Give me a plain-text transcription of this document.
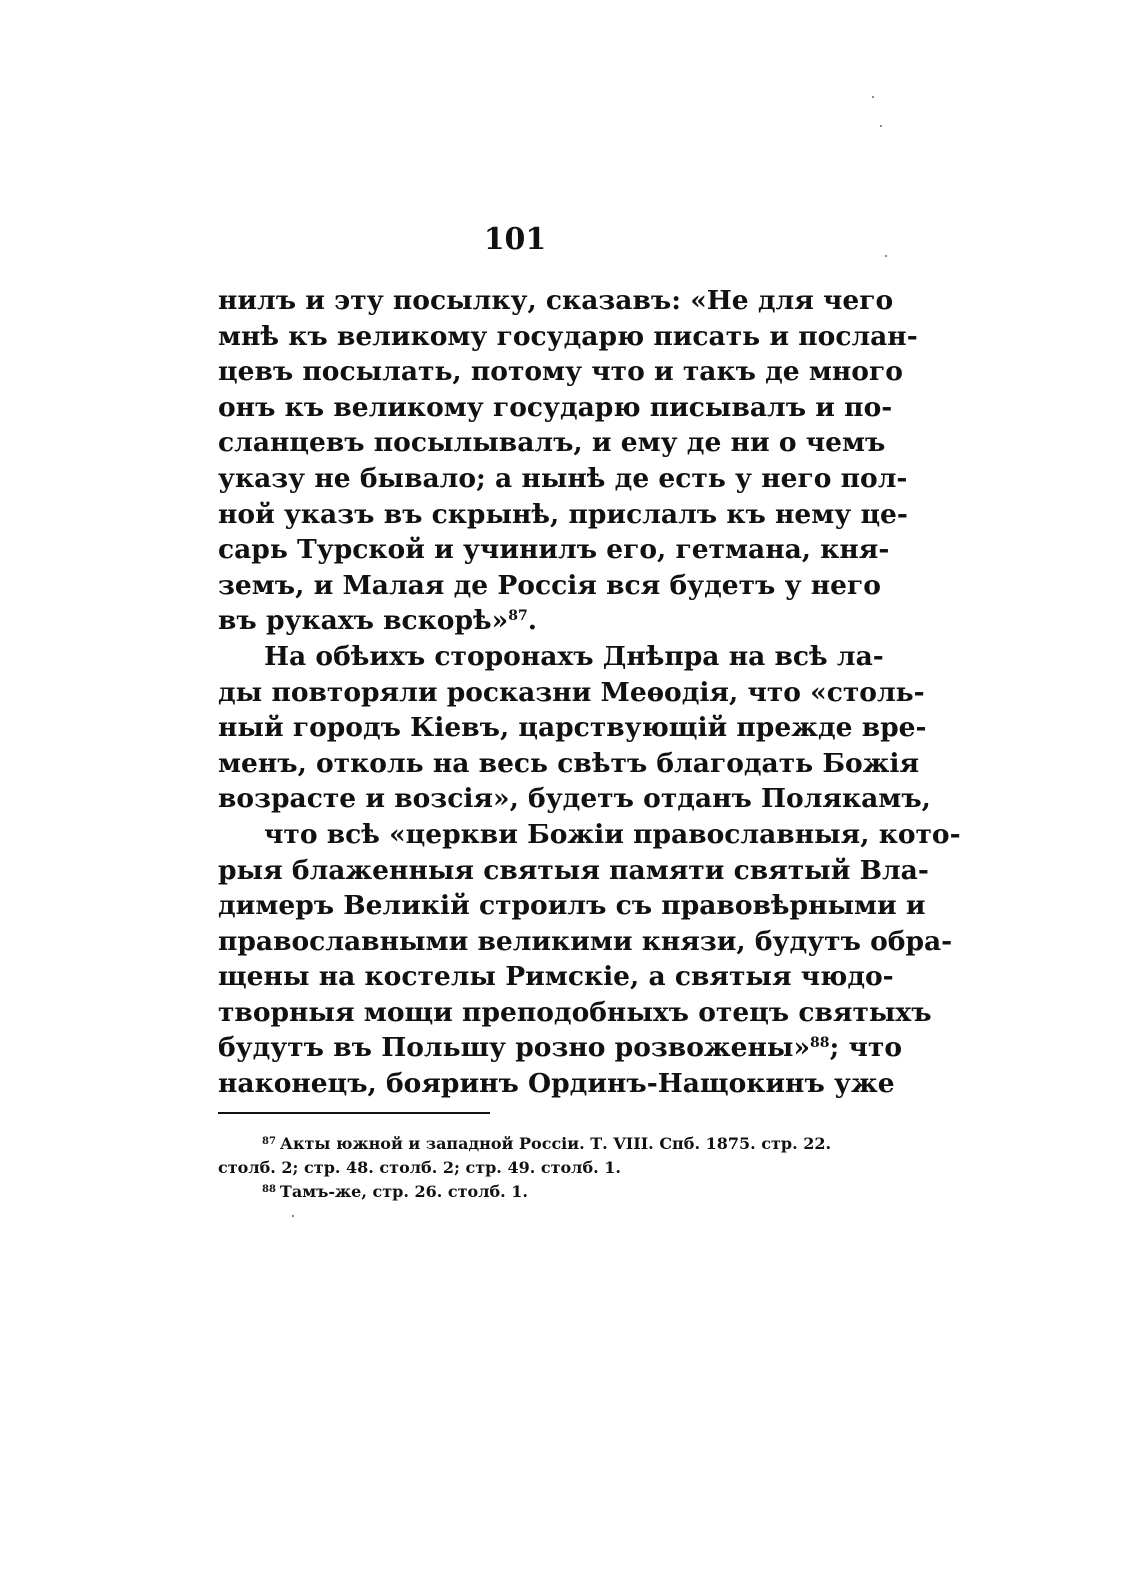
101
нилъ и эту посылку, сказавъ: «Не для чего
мнѣ къ великому государю писать и послан-
цевъ посылать, потому что и такъ де много
онъ къ великому государю писывалъ и по-
сланцевъ посылывалъ, и ему де ни о чемъ
указу не бывало; а нынѣ де есть у него пол-
ной указъ въ скрынѣ, прислалъ къ нему це-
сарь Турской и учинилъ его, гетмана, кня-
земъ, и Малая де Россія вся будетъ у него
въ рукахъ вскорѣ»$^{87}$.
На обѣихъ сторонахъ Днѣпра на всѣ ла-
ды повторяли росказни Меѳодія, что «столь-
ный городъ Кіевъ, царствующій прежде вре-
менъ, отколь на весь свѣтъ благодать Божія
возрасте и возсія», будетъ отданъ Полякамъ,
что всѣ «церкви Божіи православныя, кото-
рыя блаженныя святыя памяти святый Вла-
димеръ Великій строилъ съ правовѣрными и
православными великими князи, будутъ обра-
щены на костелы Римскіе, а святыя чюдо-
творныя мощи преподобныхъ отецъ святыхъ
будутъ въ Польшу розно розвожены»$^{88}$; что
наконецъ, бояринъ Ординъ-Нащокинъ уже
$^{87}$ Акты южной и западной Россіи. Т. VIII. Спб. 1875. стр. 22.
столб. 2; стр. 48. столб. 2; стр. 49. столб. 1.
$^{88}$ Тамъ-же, стр. 26. столб. 1.
